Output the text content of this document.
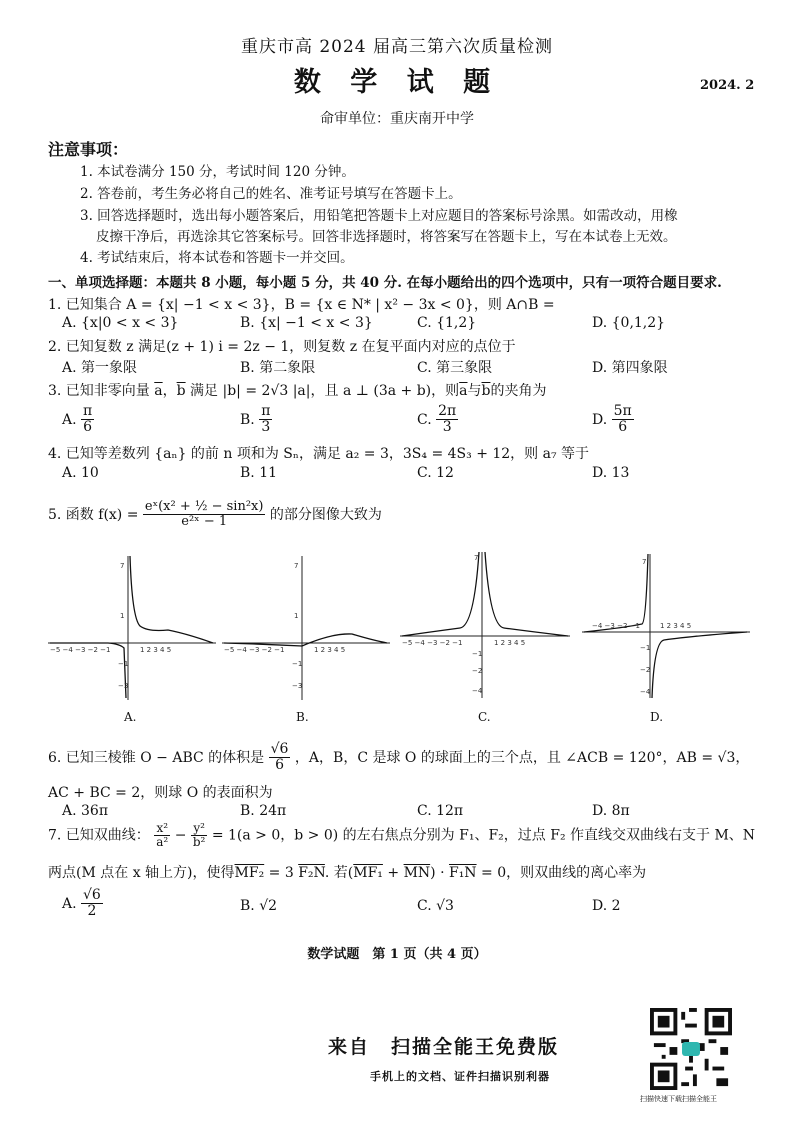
重庆市高 2024 届高三第六次质量检测
数 学 试 题	2024. 2
命审单位：重庆南开中学
注意事项：
1. 本试卷满分 150 分，考试时间 120 分钟。
2. 答卷前，考生务必将自己的姓名、准考证号填写在答题卡上。
3. 回答选择题时，选出每小题答案后，用铅笔把答题卡上对应题目的答案标号涂黑。如需改动，用橡
皮擦干净后，再选涂其它答案标号。回答非选择题时，将答案写在答题卡上，写在本试卷上无效。
4. 考试结束后，将本试卷和答题卡一并交回。
一、单项选择题：本题共 8 小题，每小题 5 分，共 40 分. 在每小题给出的四个选项中，只有一项符合题目要求.
1. 已知集合 A = {x| −1 < x < 3}，B = {x ∈ N* | x² − 3x < 0}，则 A∩B =
A. {x|0 < x < 3}	B. {x| −1 < x < 3}	C. {1,2}	D. {0,1,2}
2. 已知复数 z 满足(z + 1) i = 2z − 1，则复数 z 在复平面内对应的点位于
A. 第一象限	B. 第二象限	C. 第三象限	D. 第四象限
3. 已知非零向量 $\overline{a}$，$\overline{b}$ 满足 |b| = 2√3 |a|，且 a ⊥ (3a + b)，则$\overline{a}$与$\overline{b}$的夹角为
A. $\frac{\pi}{6}$	B. $\frac{\pi}{3}$	C. $\frac{2\pi}{3}$	D. $\frac{5\pi}{6}$
4. 已知等差数列 {aₙ} 的前 n 项和为 Sₙ，满足 a₂ = 3，3S₄ = 4S₃ + 12，则 a₇ 等于
A. 10	B. 11	C. 12	D. 13
5. 函数 $f(x) = \frac{\text{eˣ(x² + ½ − sin²x)}}{\text{e²ˣ − 1}}$ 的部分图像大致为
−5 −4 −3 −2 −1	1 2 3 4 5
7
1
−1
−3
A.
−5 −4 −3 −2 −1	1 2 3 4 5
7
1
−1
−3
B.
−5 −4 −3 −2 −1	1 2 3 4 5
7
−1
−2
−4
C.
−4 −3 −2 −1	1 2 3 4 5
7
−1
−2
−4
D.
6. 已知三棱锥 O − ABC 的体积是 $\frac{√6}{6}$ ，A，B，C 是球 O 的球面上的三个点，且 ∠ACB = 120°，AB = √3，
AC + BC = 2，则球 O 的表面积为
A. 36π	B. 24π	C. 12π	D. 8π
7. 已知双曲线： $\frac{\text{x²}}{\text{a²}} - \frac{\text{y²}}{\text{b²}} = 1(a > 0$，b > 0) 的左右焦点分别为 F₁、F₂，过点 F₂ 作直线交双曲线右支于 M、N
两点(M 点在 x 轴上方)，使得MF₂ = 3 F₂N. 若$(MF_1 + \overline{MN}) \cdot F_1N = 0$，则双曲线的离心率为
A. $\frac{√6}{2}$	B. √2	C. √3	D. 2
数学试题　第 1 页（共 4 页）
来自　扫描全能王免费版
手机上的文档、证件扫描识别利器
扫描快速下载扫描全能王
